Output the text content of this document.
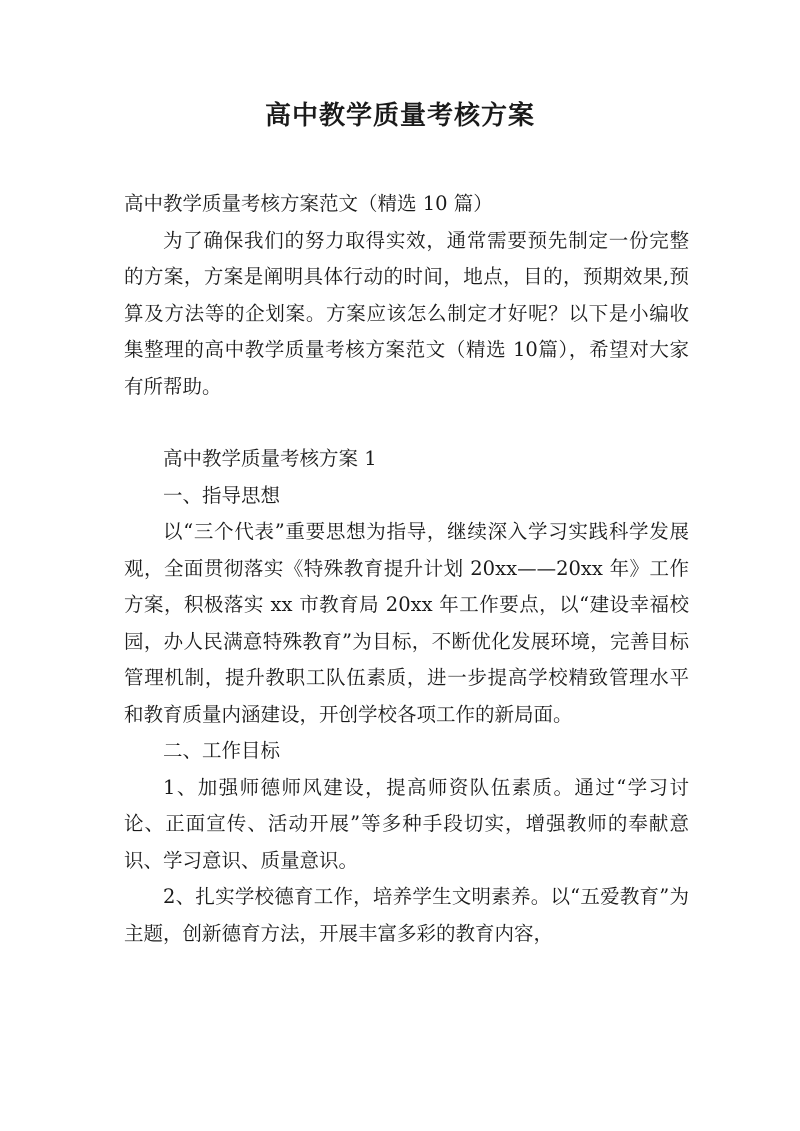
高中教学质量考核方案

高中教学质量考核方案范文（精选 10 篇）

为了确保我们的努力取得实效，通常需要预先制定一份完整的方案，方案是阐明具体行动的时间，地点，目的，预期效果,预算及方法等的企划案。方案应该怎么制定才好呢？以下是小编收集整理的高中教学质量考核方案范文（精选 10篇），希望对大家有所帮助。

高中教学质量考核方案 1

一、指导思想

以“三个代表”重要思想为指导，继续深入学习实践科学发展观，全面贯彻落实《特殊教育提升计划 20xx——20xx 年》工作方案，积极落实 xx 市教育局 20xx 年工作要点，以“建设幸福校园，办人民满意特殊教育”为目标，不断优化发展环境，完善目标管理机制，提升教职工队伍素质，进一步提高学校精致管理水平和教育质量内涵建设，开创学校各项工作的新局面。

二、工作目标

1、加强师德师风建设，提高师资队伍素质。通过“学习讨论、正面宣传、活动开展”等多种手段切实，增强教师的奉献意识、学习意识、质量意识。

2、扎实学校德育工作，培养学生文明素养。以“五爱教育”为主题，创新德育方法，开展丰富多彩的教育内容，
